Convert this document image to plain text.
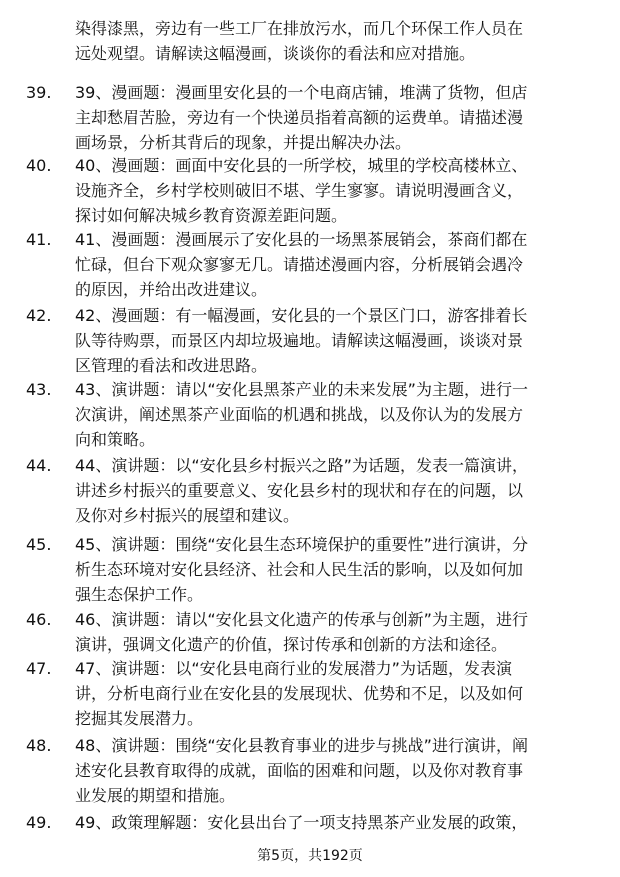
染得漆黑，旁边有一些工厂在排放污水，而几个环保工作人员在
远处观望。请解读这幅漫画，谈谈你的看法和应对措施。
39.	39、漫画题：漫画里安化县的一个电商店铺，堆满了货物，但店
主却愁眉苦脸，旁边有一个快递员指着高额的运费单。请描述漫
画场景，分析其背后的现象，并提出解决办法。
40.	40、漫画题：画面中安化县的一所学校，城里的学校高楼林立、
设施齐全，乡村学校则破旧不堪、学生寥寥。请说明漫画含义，
探讨如何解决城乡教育资源差距问题。
41.	41、漫画题：漫画展示了安化县的一场黑茶展销会，茶商们都在
忙碌，但台下观众寥寥无几。请描述漫画内容，分析展销会遇冷
的原因，并给出改进建议。
42.	42、漫画题：有一幅漫画，安化县的一个景区门口，游客排着长
队等待购票，而景区内却垃圾遍地。请解读这幅漫画，谈谈对景
区管理的看法和改进思路。
43.	43、演讲题：请以“安化县黑茶产业的未来发展”为主题，进行一
次演讲，阐述黑茶产业面临的机遇和挑战，以及你认为的发展方
向和策略。
44.	44、演讲题：以“安化县乡村振兴之路”为话题，发表一篇演讲，
讲述乡村振兴的重要意义、安化县乡村的现状和存在的问题，以
及你对乡村振兴的展望和建议。
45.	45、演讲题：围绕“安化县生态环境保护的重要性”进行演讲，分
析生态环境对安化县经济、社会和人民生活的影响，以及如何加
强生态保护工作。
46.	46、演讲题：请以“安化县文化遗产的传承与创新”为主题，进行
演讲，强调文化遗产的价值，探讨传承和创新的方法和途径。
47.	47、演讲题：以“安化县电商行业的发展潜力”为话题，发表演
讲，分析电商行业在安化县的发展现状、优势和不足，以及如何
挖掘其发展潜力。
48.	48、演讲题：围绕“安化县教育事业的进步与挑战”进行演讲，阐
述安化县教育取得的成就，面临的困难和问题，以及你对教育事
业发展的期望和措施。
49.	49、政策理解题：安化县出台了一项支持黑茶产业发展的政策，
第5页，共192页
